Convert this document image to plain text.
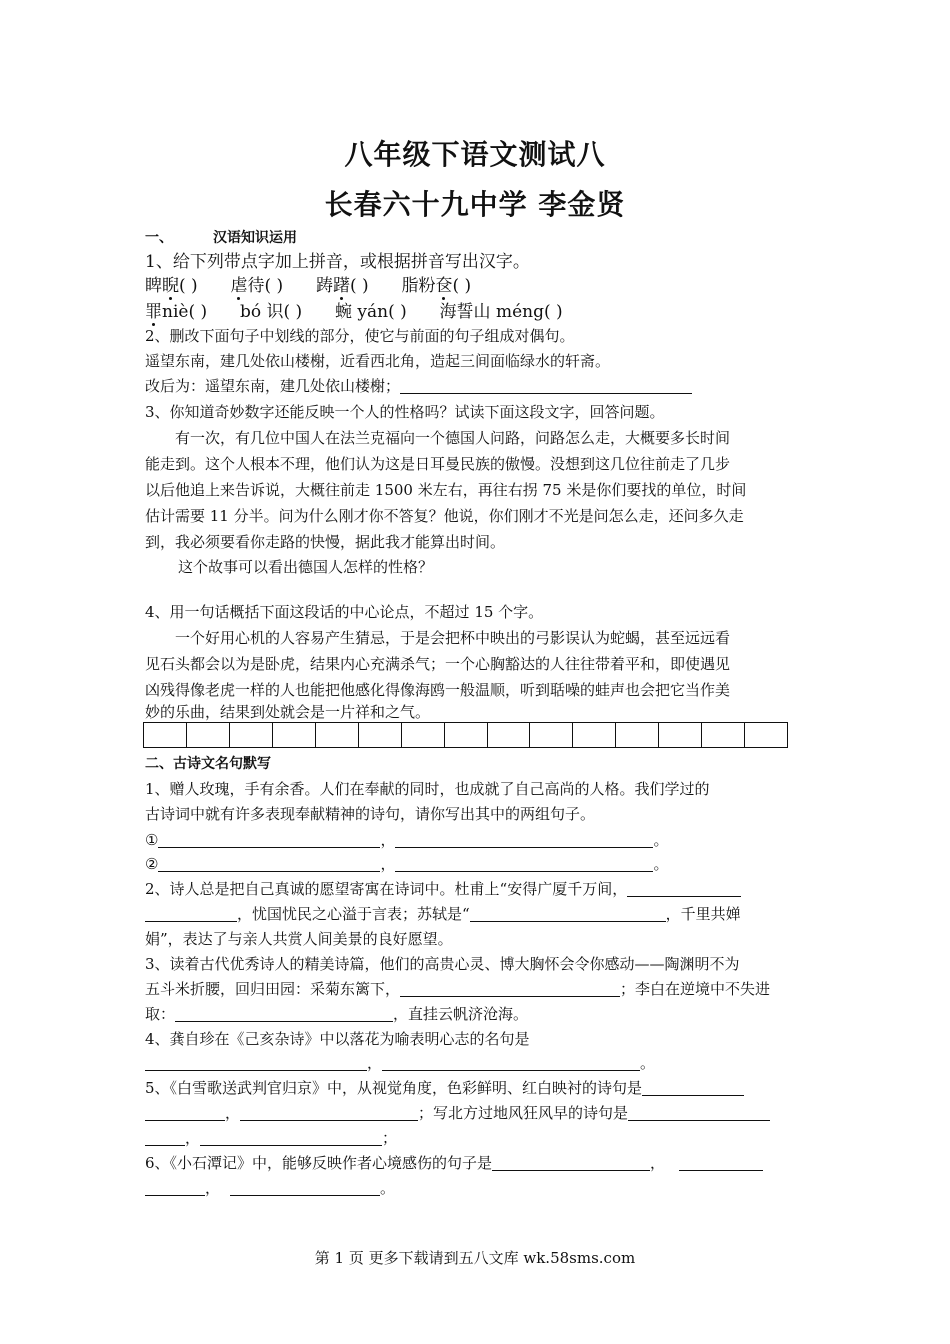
八年级下语文测试八
长春六十九中学 李金贤
一、	汉语知识运用
1、给下列带点字加上拼音，或根据拼音写出汉字。
睥睨( ) 虐待( ) 踌躇( ) 脂粉奁( )
罪niè( ) bó 识( ) 蜿 yán( ) 海誓山 méng( )
2、删改下面句子中划线的部分，使它与前面的句子组成对偶句。
遥望东南，建几处依山楼榭，近看西北角，造起三间面临绿水的轩斋。
改后为：遥望东南，建几处依山楼榭；
3、你知道奇妙数字还能反映一个人的性格吗？试读下面这段文字，回答问题。
有一次，有几位中国人在法兰克福向一个德国人问路，问路怎么走，大概要多长时间
能走到。这个人根本不理，他们认为这是日耳曼民族的傲慢。没想到这几位往前走了几步
以后他追上来告诉说，大概往前走 1500 米左右，再往右拐 75 米是你们要找的单位，时间
估计需要 11 分半。问为什么刚才你不答复？他说，你们刚才不光是问怎么走，还问多久走
到，我必须要看你走路的快慢，据此我才能算出时间。
这个故事可以看出德国人怎样的性格？
4、用一句话概括下面这段话的中心论点，不超过 15 个字。
一个好用心机的人容易产生猜忌，于是会把杯中映出的弓影误认为蛇蝎，甚至远远看
见石头都会以为是卧虎，结果内心充满杀气；一个心胸豁达的人往往带着平和，即使遇见
凶残得像老虎一样的人也能把他感化得像海鸥一般温顺，听到聒噪的蛙声也会把它当作美
妙的乐曲，结果到处就会是一片祥和之气。
二、古诗文名句默写
1、赠人玫瑰，手有余香。人们在奉献的同时，也成就了自己高尚的人格。我们学过的
古诗词中就有许多表现奉献精神的诗句，请你写出其中的两组句子。
①	，	。
②	，	。
2、诗人总是把自己真诚的愿望寄寓在诗词中。杜甫上“安得广厦千万间，
，忧国忧民之心溢于言表；苏轼是“	，千里共婵
娟”，表达了与亲人共赏人间美景的良好愿望。
3、读着古代优秀诗人的精美诗篇，他们的高贵心灵、博大胸怀会令你感动——陶渊明不为
五斗米折腰，回归田园：采菊东篱下，	；李白在逆境中不失进
取：	，直挂云帆济沧海。
4、龚自珍在《己亥杂诗》中以落花为喻表明心志的名句是
，	。
5、《白雪歌送武判官归京》中，从视觉角度，色彩鲜明、红白映衬的诗句是
，	；写北方过地风狂风早的诗句是
，	；
6、《小石潭记》中，能够反映作者心境感伤的句子是	，
，	。
第 1 页 更多下载请到五八文库 wk.58sms.com
